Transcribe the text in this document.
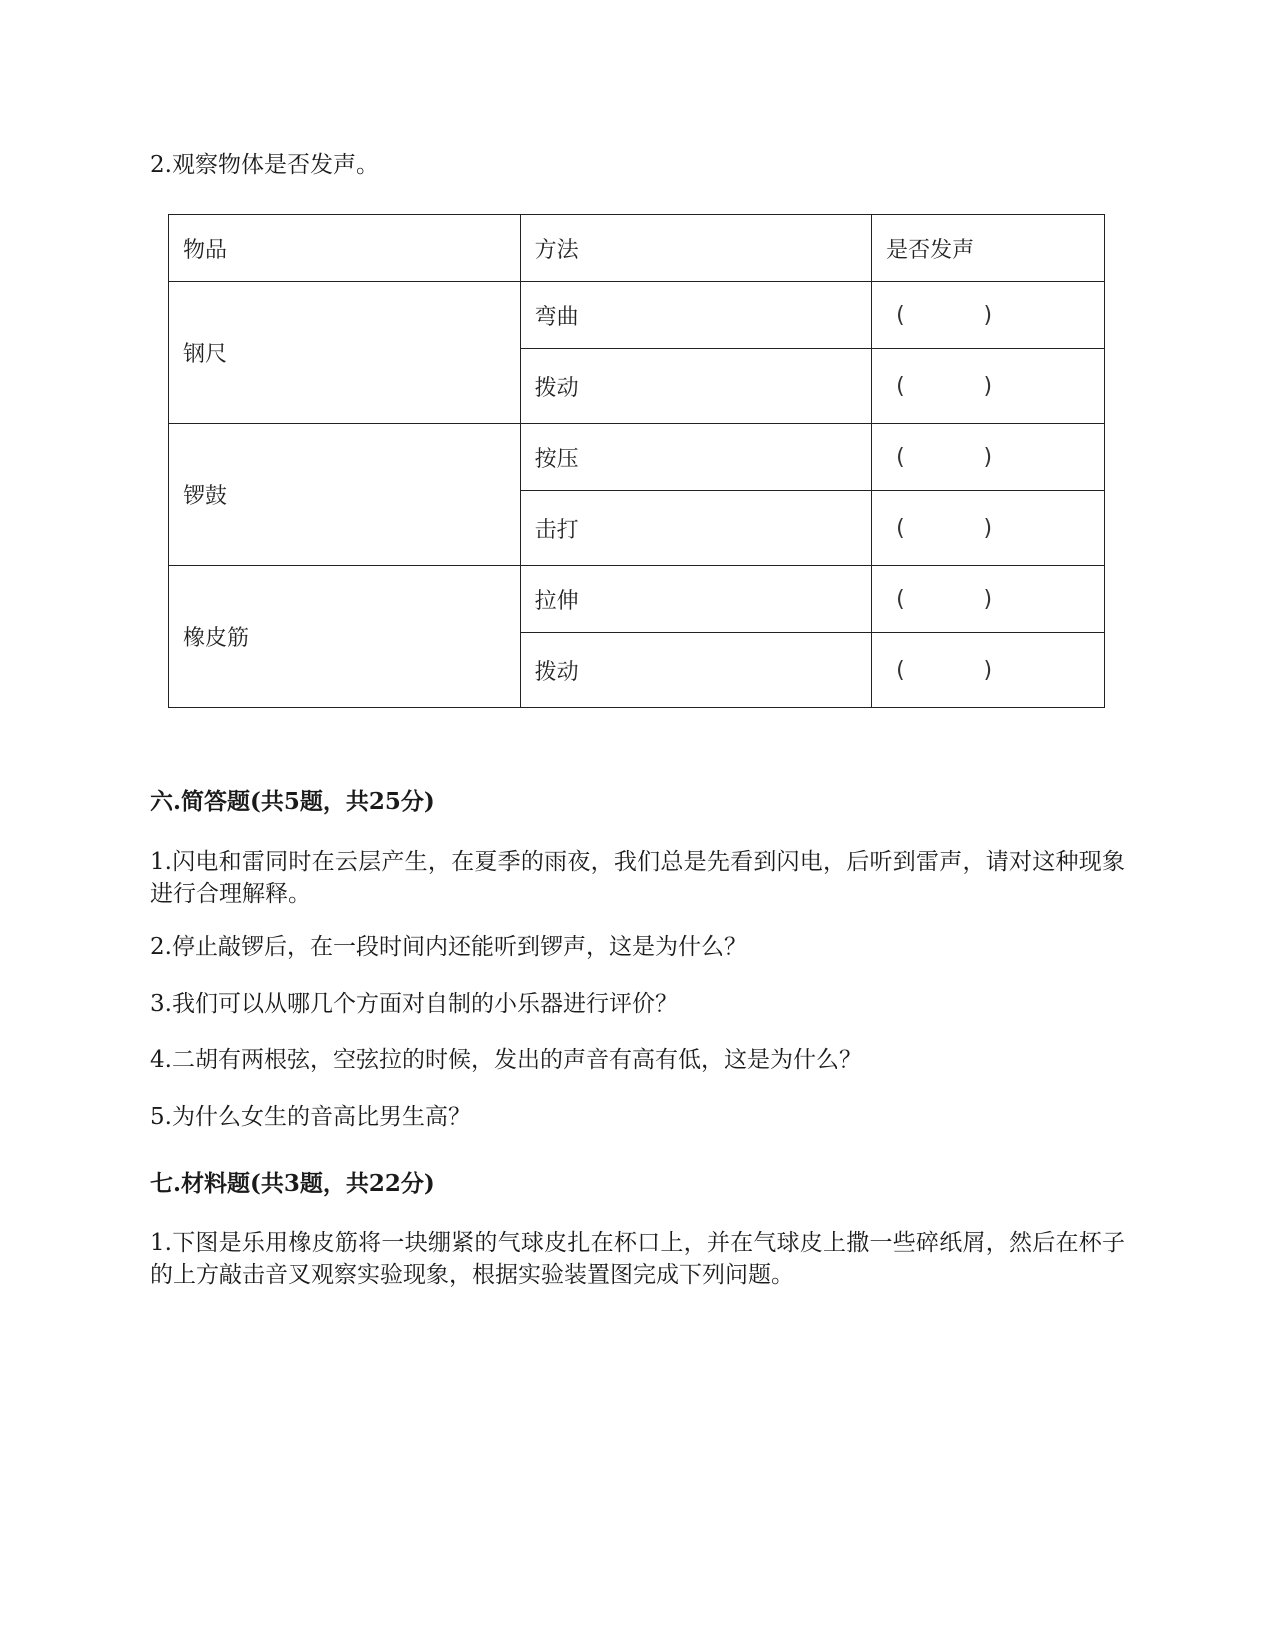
2.观察物体是否发声。
物品	方法	是否发声
钢尺	弯曲	( )

	拨动	( )

锣鼓	按压	( )

	击打	( )

橡皮筋	拉伸	( )

	拨动	( )
六.简答题(共5题，共25分)
1.闪电和雷同时在云层产生，在夏季的雨夜，我们总是先看到闪电，后听到雷声，请对这种现象进行合理解释。
2.停止敲锣后，在一段时间内还能听到锣声，这是为什么？
3.我们可以从哪几个方面对自制的小乐器进行评价？
4.二胡有两根弦，空弦拉的时候，发出的声音有高有低，这是为什么？
5.为什么女生的音高比男生高？
七.材料题(共3题，共22分)
1.下图是乐用橡皮筋将一块绷紧的气球皮扎在杯口上，并在气球皮上撒一些碎纸屑，然后在杯子的上方敲击音叉观察实验现象，根据实验装置图完成下列问题。
